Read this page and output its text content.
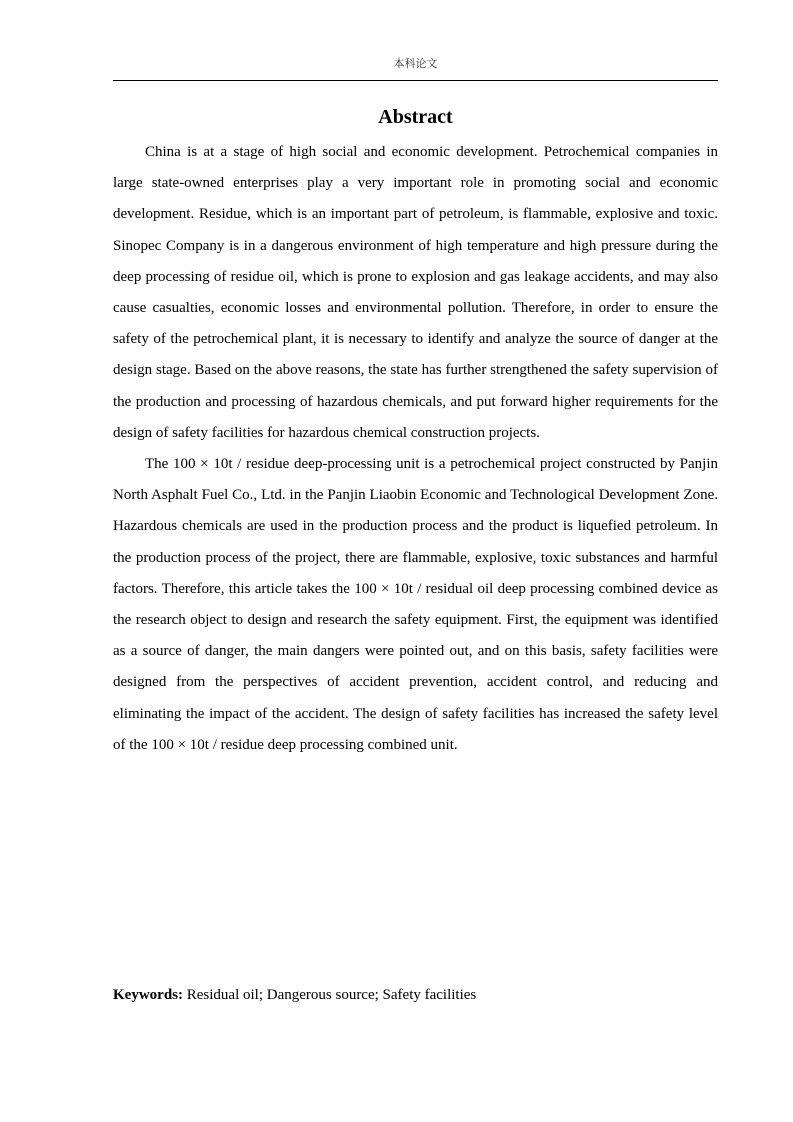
本科论文
Abstract

China is at a stage of high social and economic development. Petrochemical companies in large state-owned enterprises play a very important role in promoting social and economic development. Residue, which is an important part of petroleum, is flammable, explosive and toxic. Sinopec Company is in a dangerous environment of high temperature and high pressure during the deep processing of residue oil, which is prone to explosion and gas leakage accidents, and may also cause casualties, economic losses and environmental pollution. Therefore, in order to ensure the safety of the petrochemical plant, it is necessary to identify and analyze the source of danger at the design stage. Based on the above reasons, the state has further strengthened the safety supervision of the production and processing of hazardous chemicals, and put forward higher requirements for the design of safety facilities for hazardous chemical construction projects.

The 100 × 10t / residue deep-processing unit is a petrochemical project constructed by Panjin North Asphalt Fuel Co., Ltd. in the Panjin Liaobin Economic and Technological Development Zone. Hazardous chemicals are used in the production process and the product is liquefied petroleum. In the production process of the project, there are flammable, explosive, toxic substances and harmful factors. Therefore, this article takes the 100 × 10t / residual oil deep processing combined device as the research object to design and research the safety equipment. First, the equipment was identified as a source of danger, the main dangers were pointed out, and on this basis, safety facilities were designed from the perspectives of accident prevention, accident control, and reducing and eliminating the impact of the accident. The design of safety facilities has increased the safety level of the 100 × 10t / residue deep processing combined unit.

Keywords: Residual oil; Dangerous source; Safety facilities
